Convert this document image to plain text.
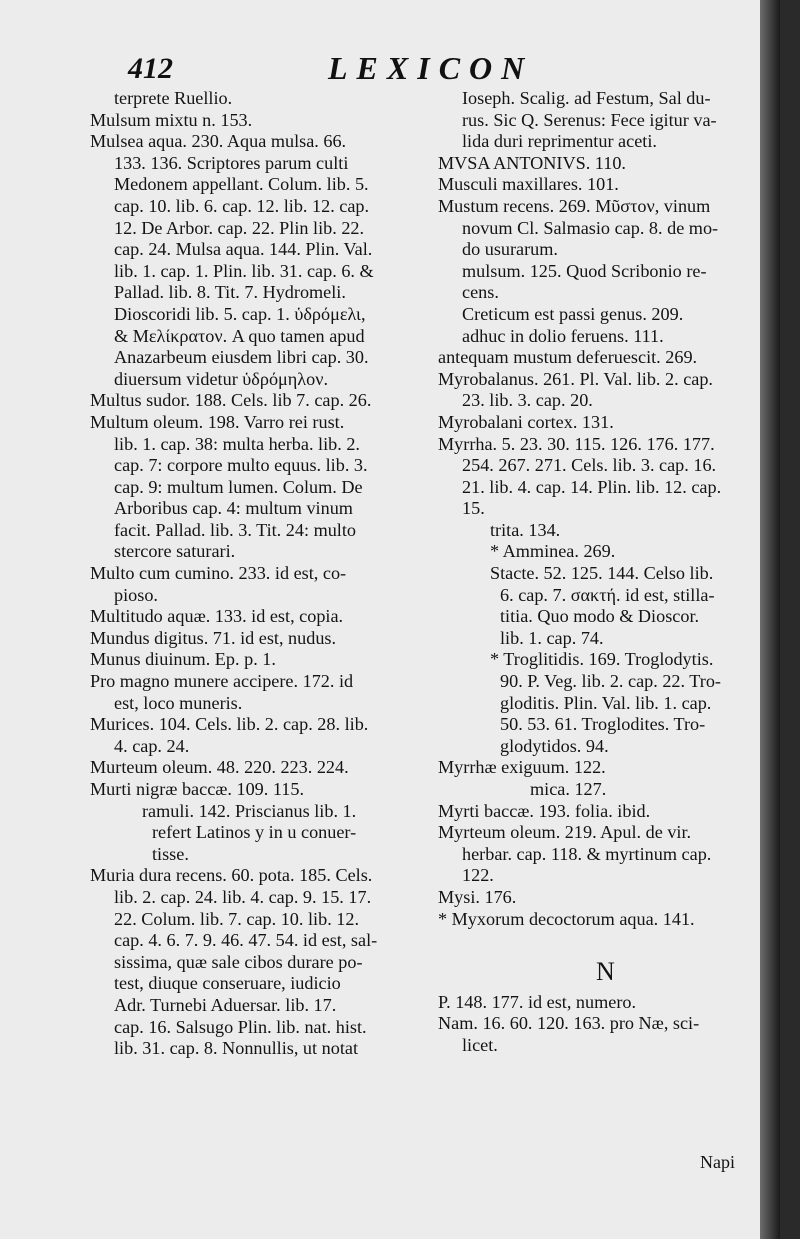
412	LEXICON
terprete Ruellio.
Mulsum mixtu n. 153.
Mulsea aqua. 230. Aqua mulsa. 66.
133. 136. Scriptores parum culti
Medonem appellant. Colum. lib. 5.
cap. 10. lib. 6. cap. 12. lib. 12. cap.
12. De Arbor. cap. 22. Plin lib. 22.
cap. 24. Mulsa aqua. 144. Plin. Val.
lib. 1. cap. 1. Plin. lib. 31. cap. 6. &
Pallad. lib. 8. Tit. 7. Hydromeli.
Dioscoridi lib. 5. cap. 1. ὑδρόμελι,
& Μελίκρατον. A quo tamen apud
Anazarbeum eiusdem libri cap. 30.
diuersum videtur ὑδρόμηλον.
Multus sudor. 188. Cels. lib 7. cap. 26.
Multum oleum. 198. Varro rei rust.
lib. 1. cap. 38: multa herba. lib. 2.
cap. 7: corpore multo equus. lib. 3.
cap. 9: multum lumen. Colum. De
Arboribus cap. 4: multum vinum
facit. Pallad. lib. 3. Tit. 24: multo
stercore saturari.
Multo cum cumino. 233. id est, co-
pioso.
Multitudo aquæ. 133. id est, copia.
Mundus digitus. 71. id est, nudus.
Munus diuinum. Ep. p. 1.
Pro magno munere accipere. 172. id
est, loco muneris.
Murices. 104. Cels. lib. 2. cap. 28. lib.
4. cap. 24.
Murteum oleum. 48. 220. 223. 224.
Murti nigræ baccæ. 109. 115.
ramuli. 142. Priscianus lib. 1.
refert Latinos y in u conuer-
tisse.
Muria dura recens. 60. pota. 185. Cels.
lib. 2. cap. 24. lib. 4. cap. 9. 15. 17.
22. Colum. lib. 7. cap. 10. lib. 12.
cap. 4. 6. 7. 9. 46. 47. 54. id est, sal-
sissima, quæ sale cibos durare po-
test, diuque conseruare, iudicio
Adr. Turnebi Aduersar. lib. 17.
cap. 16. Salsugo Plin. lib. nat. hist.
lib. 31. cap. 8. Nonnullis, ut notat
Ioseph. Scalig. ad Festum, Sal du-
rus. Sic Q. Serenus: Fece igitur va-
lida duri reprimentur aceti.
MVSA ANTONIVS. 110.
Musculi maxillares. 101.
Mustum recens. 269. Μῦστον, vinum
novum Cl. Salmasio cap. 8. de mo-
do usurarum.
mulsum. 125. Quod Scribonio re-
cens.
Creticum est passi genus. 209.
adhuc in dolio feruens. 111.
antequam mustum deferuescit. 269.
Myrobalanus. 261. Pl. Val. lib. 2. cap.
23. lib. 3. cap. 20.
Myrobalani cortex. 131.
Myrrha. 5. 23. 30. 115. 126. 176. 177.
254. 267. 271. Cels. lib. 3. cap. 16.
21. lib. 4. cap. 14. Plin. lib. 12. cap.
15.
trita. 134.
* Amminea. 269.
Stacte. 52. 125. 144. Celso lib.
6. cap. 7. σακτή. id est, stilla-
titia. Quo modo & Dioscor.
lib. 1. cap. 74.
* Troglitidis. 169. Troglodytis.
90. P. Veg. lib. 2. cap. 22. Tro-
gloditis. Plin. Val. lib. 1. cap.
50. 53. 61. Troglodites. Tro-
glodytidos. 94.
Myrrhæ exiguum. 122.
mica. 127.
Myrti baccæ. 193. folia. ibid.
Myrteum oleum. 219. Apul. de vir.
herbar. cap. 118. & myrtinum cap.
122.
Mysi. 176.
* Myxorum decoctorum aqua. 141.
N
P. 148. 177. id est, numero.
Nam. 16. 60. 120. 163. pro Næ, sci-
licet.
Napi
